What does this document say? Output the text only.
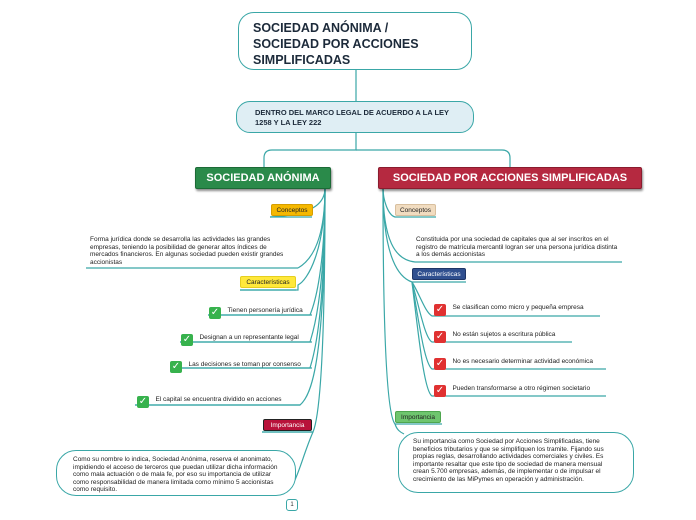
SOCIEDAD ANÓNIMA / SOCIEDAD POR ACCIONES SIMPLIFICADAS
DENTRO DEL MARCO LEGAL DE ACUERDO A LA LEY 1258 Y LA LEY 222
SOCIEDAD ANÓNIMA
Conceptos
Forma jurídica donde se desarrolla las actividades las grandes empresas, teniendo la posibilidad de generar altos índices de mercados financieros. En algunas sociedad pueden existir grandes accionistas
Características
✓ Tienen personería jurídica
✓ Designan a un representante legal
✓ Las decisiones se toman por consenso
✓ El capital se encuentra dividido en acciones
Importancia
Como su nombre lo indica, Sociedad Anónima, reserva el anonimato, impidiendo el acceso de terceros que puedan utilizar dicha información como mala actuación o de mala fe, por eso su importancia de utilizar como responsabilidad de manera limitada como mínimo 5 accionistas como requisito.
SOCIEDAD POR ACCIONES SIMPLIFICADAS
Conceptos
Constituida por una sociedad de capitales que al ser inscritos en el registro de matrícula mercantil logran ser una persona jurídica distinta a los demás accionistas
Características
✓ Se clasifican como micro y pequeña empresa
✓ No están sujetos a escritura pública
✓ No es necesario determinar actividad económica
✓ Pueden transformarse a otro régimen societario
Importancia
Su importancia como Sociedad por Acciones Simplificadas, tiene beneficios tributarios y que se simplifiquen los tramite. Fijando sus propias reglas, desarrollando actividades comerciales y civiles. Es importante resaltar que este tipo de sociedad de manera mensual crean 5.700 empresas, además, de implementar o de impulsar el crecimiento de las MiPymes en operación y administración.
1
